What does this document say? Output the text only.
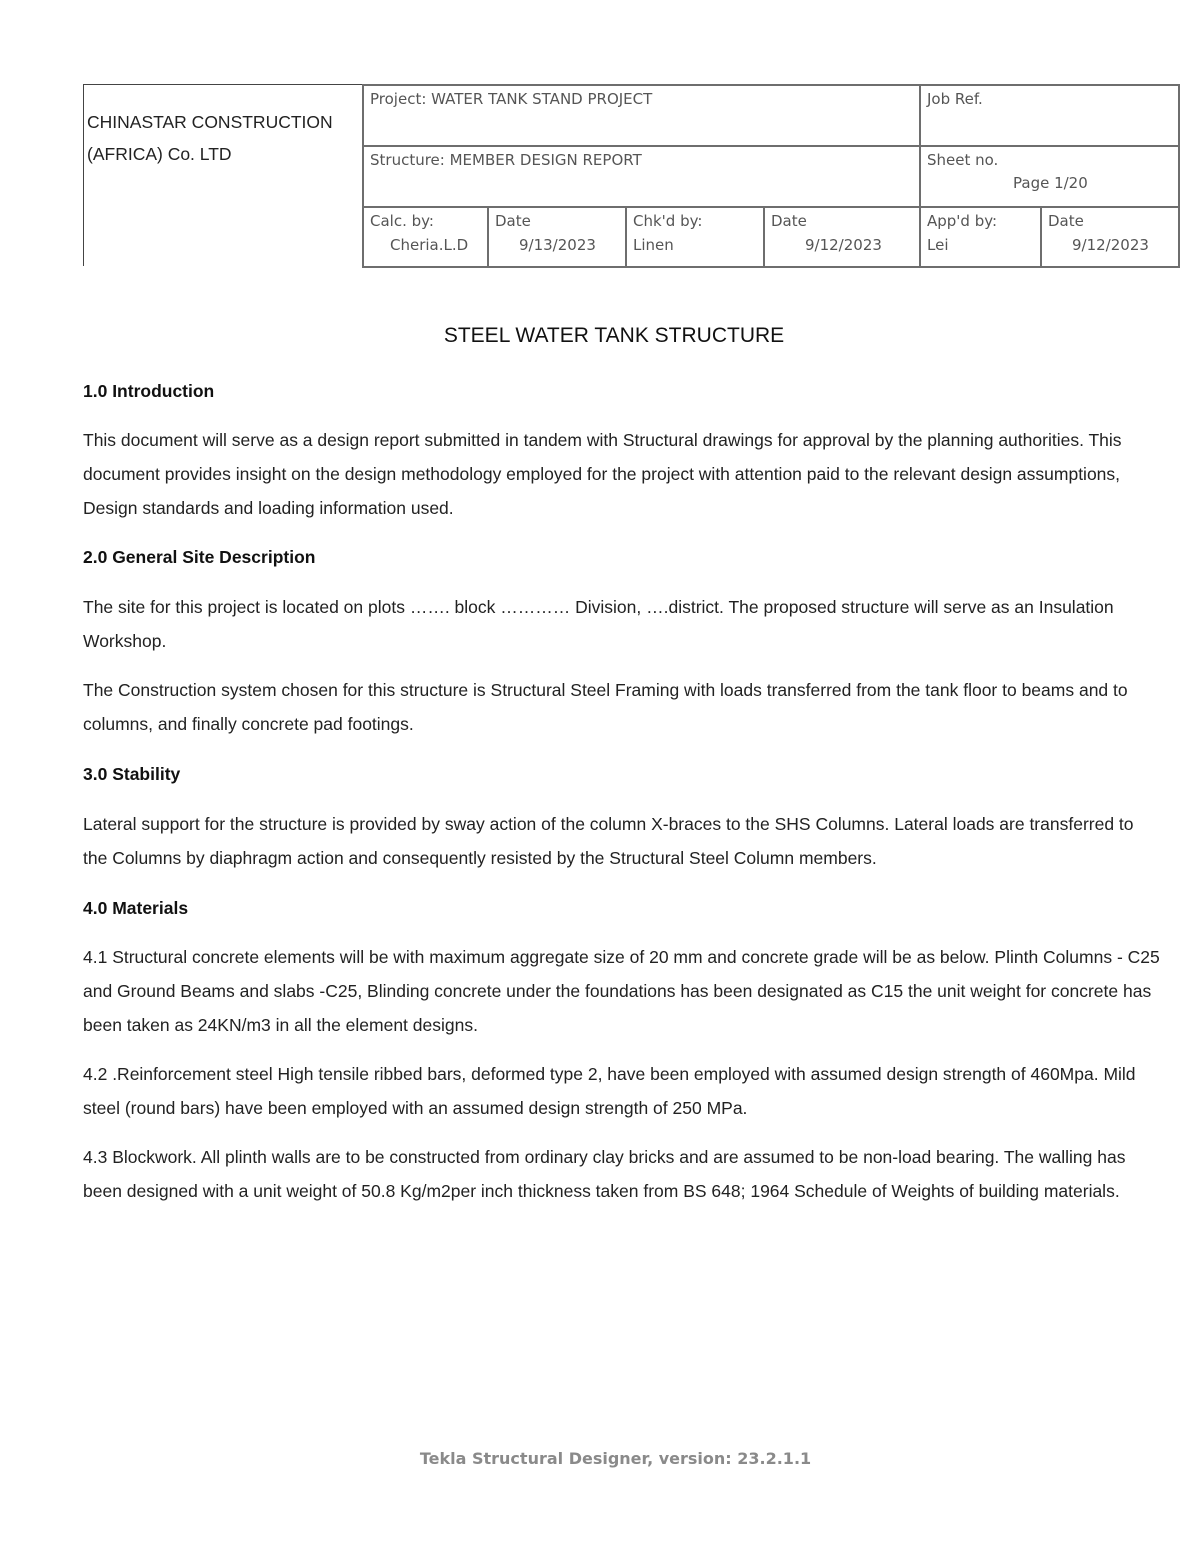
CHINASTAR CONSTRUCTION
(AFRICA) Co. LTD
Project: WATER TANK STAND PROJECT	Job Ref.
Structure: MEMBER DESIGN REPORT	Sheet no.
Page 1/20
Calc. by:
Cheria.L.D
Date
9/13/2023
Chk'd by:
Linen
Date
9/12/2023
App'd by:
Lei
Date
9/12/2023
STEEL WATER TANK STRUCTURE
1.0 Introduction

This document will serve as a design report submitted in tandem with Structural drawings for approval by the planning authorities. This document provides insight on the design methodology employed for the project with attention paid to the relevant design assumptions, Design standards and loading information used.

2.0 General Site Description

The site for this project is located on plots ……. block ………… Division, ….district. The proposed structure will serve as an Insulation Workshop.

The Construction system chosen for this structure is Structural Steel Framing with loads transferred from the tank floor to beams and to columns, and finally concrete pad footings.

3.0 Stability

Lateral support for the structure is provided by sway action of the column X-braces to the SHS Columns. Lateral loads are transferred to the Columns by diaphragm action and consequently resisted by the Structural Steel Column members.

4.0 Materials

4.1 Structural concrete elements will be with maximum aggregate size of 20 mm and concrete grade will be as below. Plinth Columns - C25 and Ground Beams and slabs -C25, Blinding concrete under the foundations has been designated as C15 the unit weight for concrete has been taken as 24KN/m3 in all the element designs.

4.2 .Reinforcement steel High tensile ribbed bars, deformed type 2, have been employed with assumed design strength of 460Mpa. Mild steel (round bars) have been employed with an assumed design strength of 250 MPa.

4.3 Blockwork. All plinth walls are to be constructed from ordinary clay bricks and are assumed to be non-load bearing. The walling has been designed with a unit weight of 50.8 Kg/m2per inch thickness taken from BS 648; 1964 Schedule of Weights of building materials.

Tekla Structural Designer, version: 23.2.1.1
